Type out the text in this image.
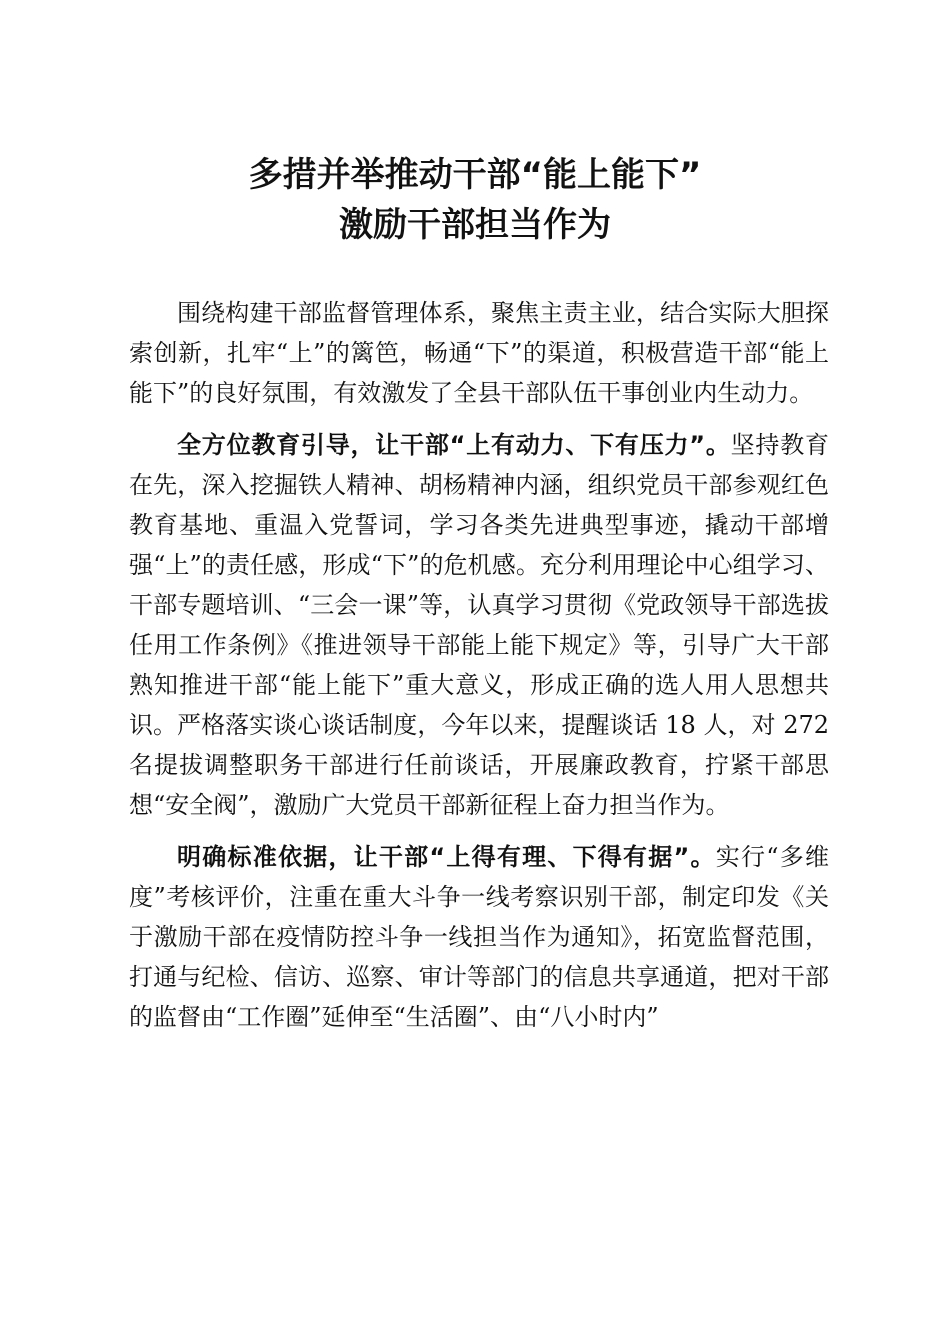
多措并举推动干部“能上能下”
激励干部担当作为

围绕构建干部监督管理体系，聚焦主责主业，结合实际大胆探索创新，扎牢“上”的篱笆，畅通“下”的渠道，积极营造干部“能上能下”的良好氛围，有效激发了全县干部队伍干事创业内生动力。

全方位教育引导，让干部“上有动力、下有压力”。坚持教育在先，深入挖掘铁人精神、胡杨精神内涵，组织党员干部参观红色教育基地、重温入党誓词，学习各类先进典型事迹，撬动干部增强“上”的责任感，形成“下”的危机感。充分利用理论中心组学习、干部专题培训、“三会一课”等，认真学习贯彻《党政领导干部选拔任用工作条例》《推进领导干部能上能下规定》等，引导广大干部熟知推进干部“能上能下”重大意义，形成正确的选人用人思想共识。严格落实谈心谈话制度，今年以来，提醒谈话 18 人，对 272 名提拔调整职务干部进行任前谈话，开展廉政教育，拧紧干部思想“安全阀”，激励广大党员干部新征程上奋力担当作为。

明确标准依据，让干部“上得有理、下得有据”。实行“多维度”考核评价，注重在重大斗争一线考察识别干部，制定印发《关于激励干部在疫情防控斗争一线担当作为通知》，拓宽监督范围，打通与纪检、信访、巡察、审计等部门的信息共享通道，把对干部的监督由“工作圈”延伸至“生活圈”、由“八小时内”
